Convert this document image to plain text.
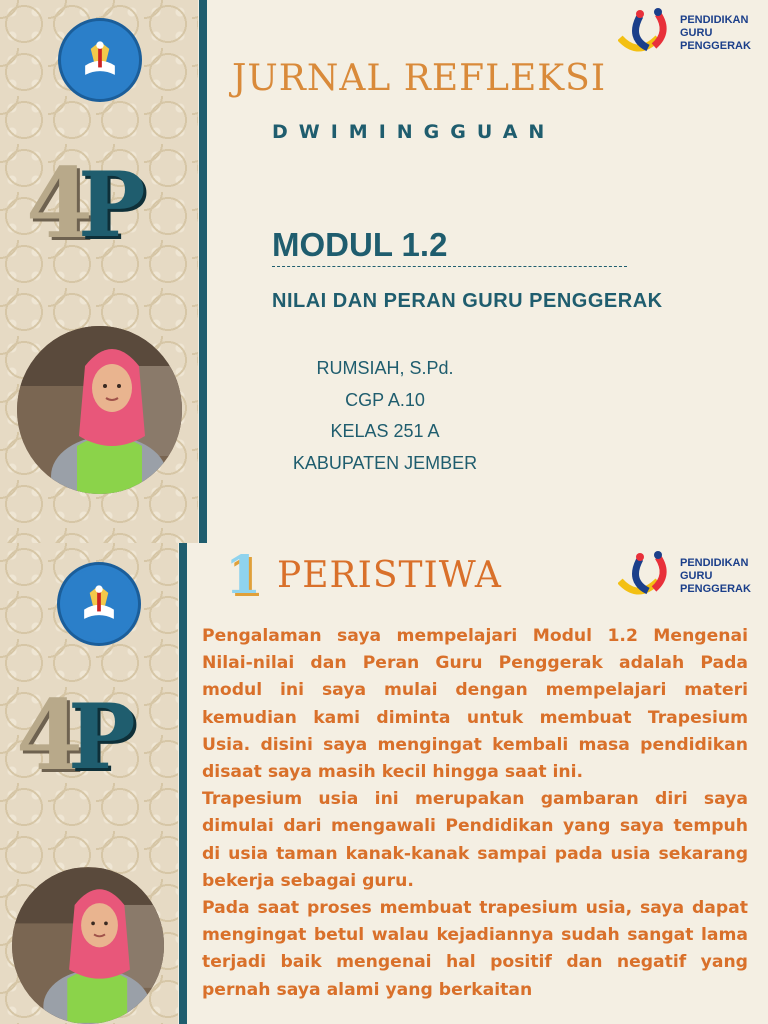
4
P
PENDIDIKAN
GURU
PENGGERAK
JURNAL REFLEKSI
DWIMINGGUAN
MODUL 1.2
NILAI DAN PERAN GURU PENGGERAK
RUMSIAH, S.Pd.
CGP A.10
KELAS 251 A
KABUPATEN JEMBER
4
P
PENDIDIKAN
GURU
PENGGERAK
1 PERISTIWA

Pengalaman saya mempelajari Modul 1.2 Mengenai Nilai-nilai dan Peran Guru Penggerak adalah Pada modul ini saya mulai dengan mempelajari materi kemudian kami diminta untuk membuat Trapesium Usia. disini saya mengingat kembali masa pendidikan disaat saya masih kecil hingga saat ini.

Trapesium usia ini merupakan gambaran diri saya dimulai dari mengawali Pendidikan yang saya tempuh di usia taman kanak-kanak sampai pada usia sekarang bekerja sebagai guru.

Pada saat proses membuat trapesium usia, saya dapat mengingat betul walau kejadiannya sudah sangat lama terjadi baik mengenai hal positif dan negatif yang pernah saya alami yang berkaitan
